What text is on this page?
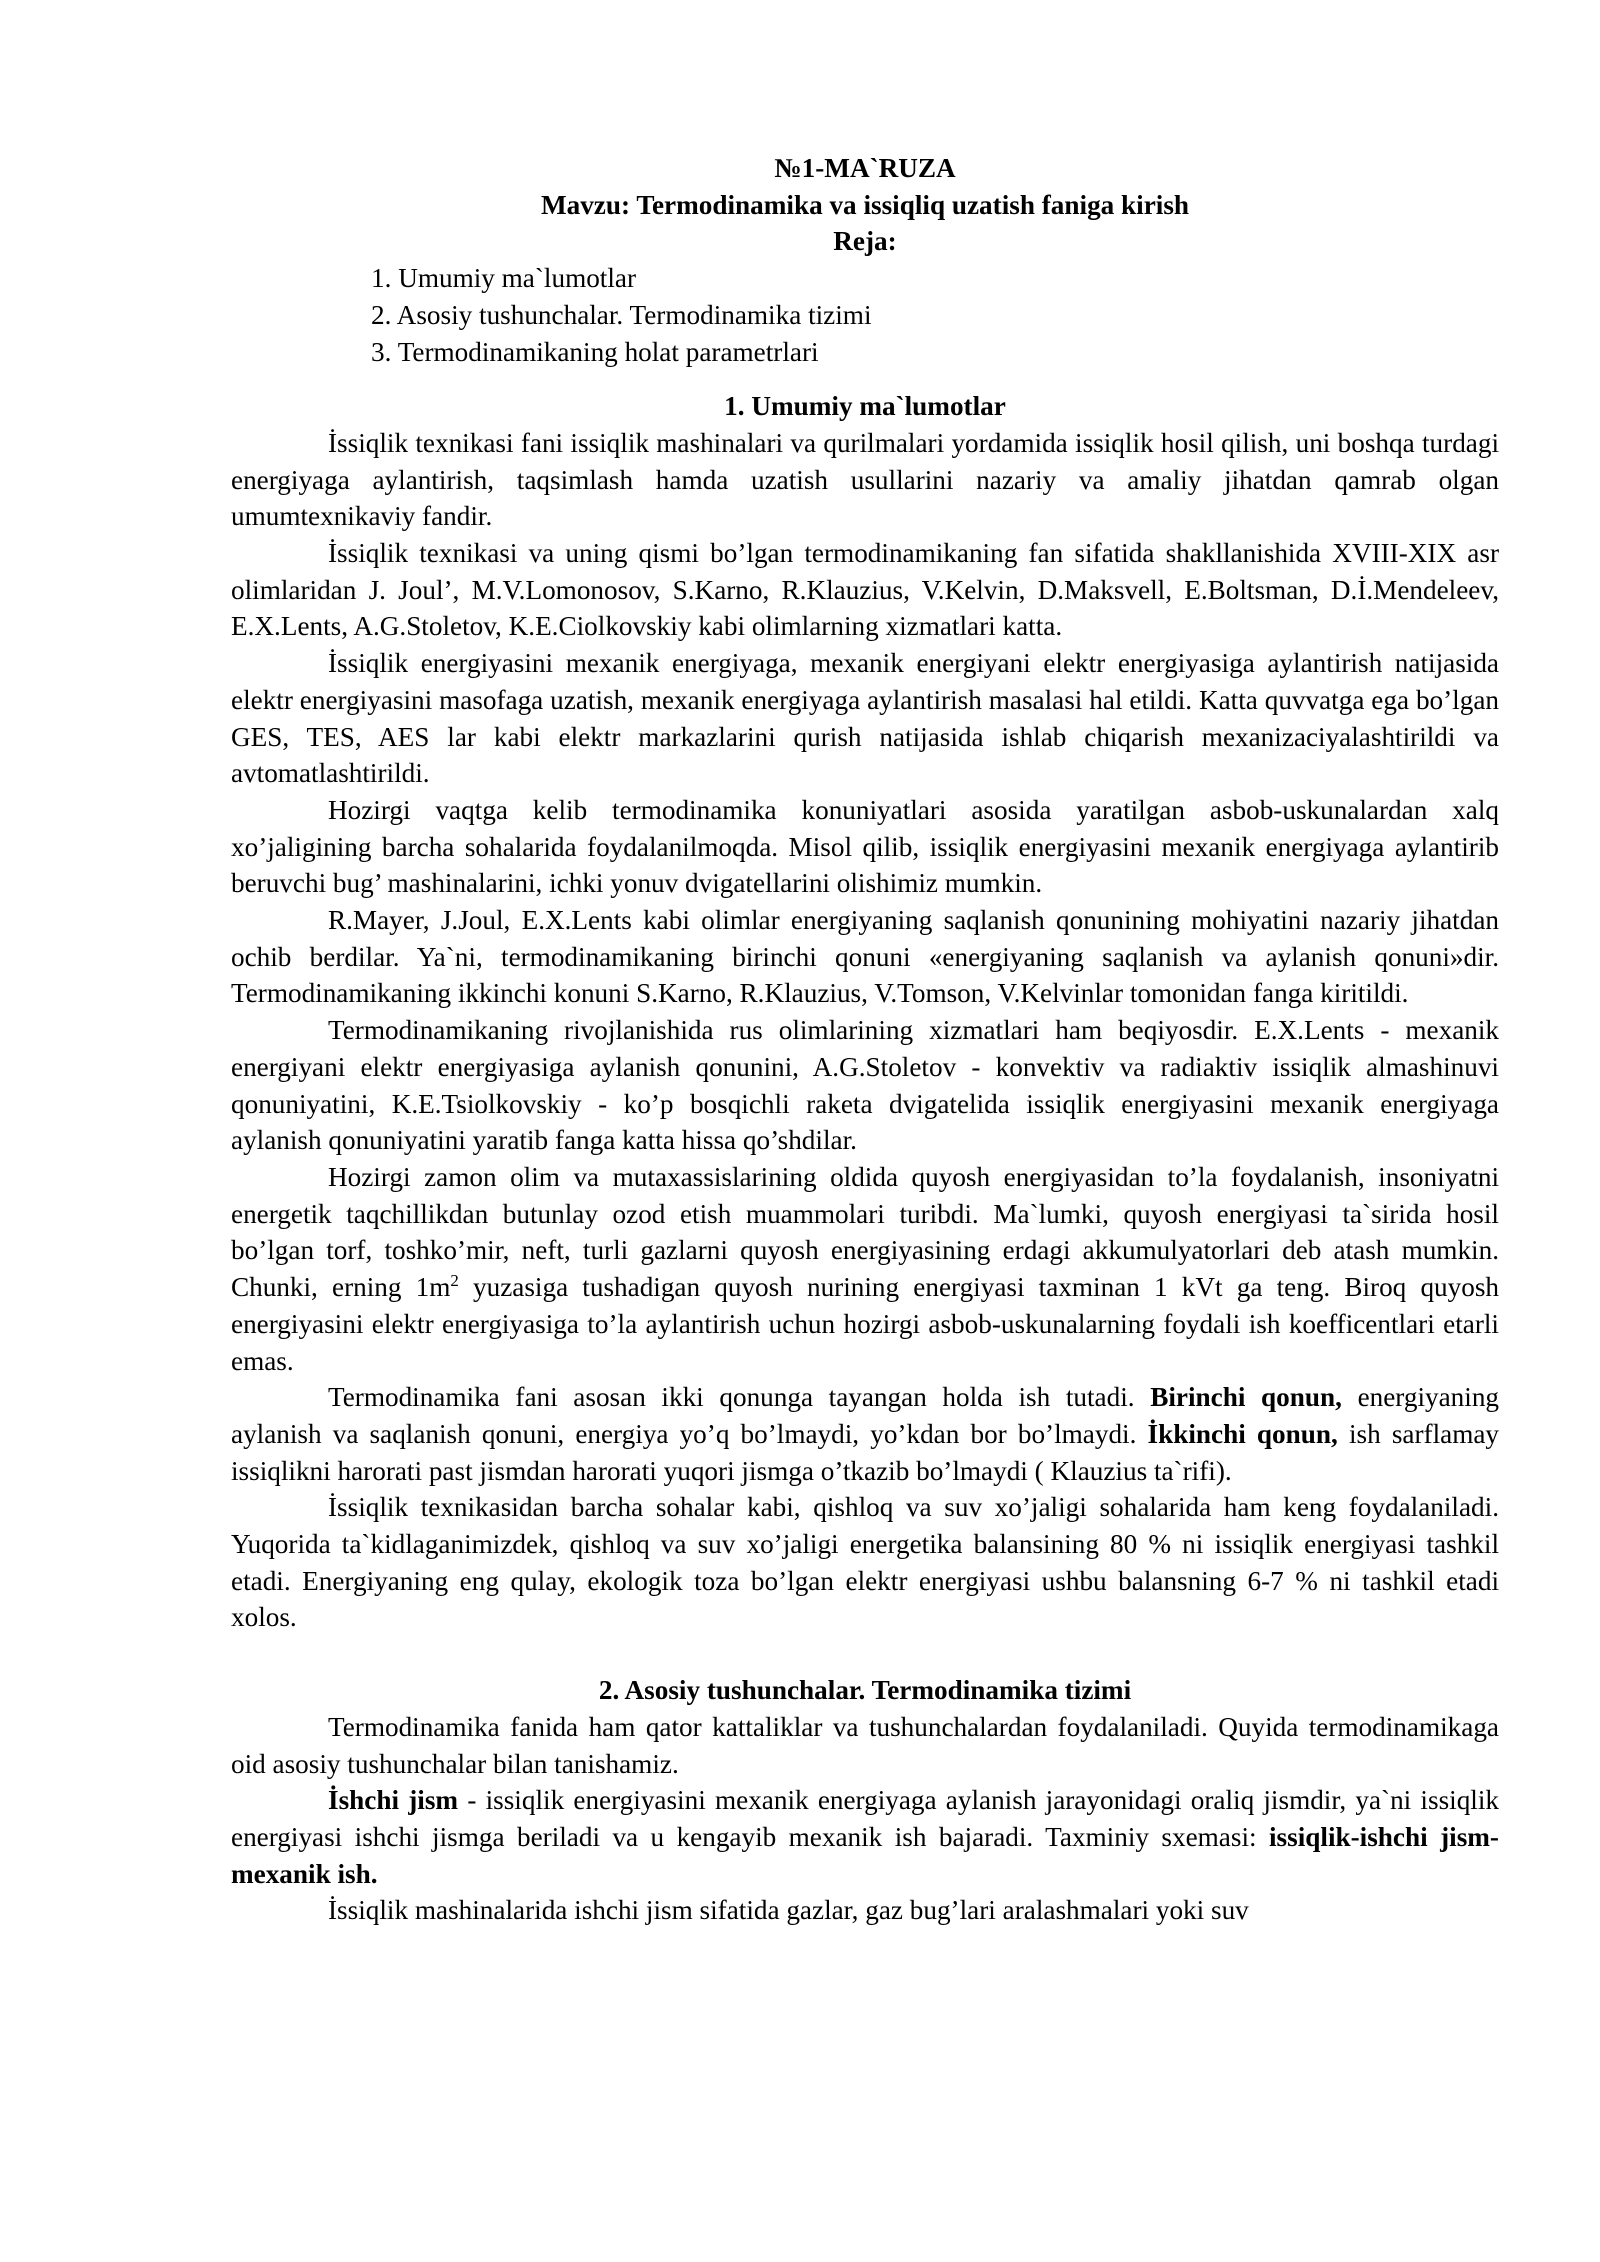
№1-MA`RUZA
Mavzu: Termodinamika va issiqliq uzatish faniga kirish
Reja:
1. Umumiy ma`lumotlar
2. Asosiy tushunchalar. Termodinamika tizimi
3. Termodinamikaning holat parametrlari
1. Umumiy ma`lumotlar

İssiqlik texnikasi fani issiqlik mashinalari va qurilmalari yordamida issiqlik hosil qilish, uni boshqa turdagi energiyaga aylantirish, taqsimlash hamda uzatish usullarini nazariy va amaliy jihatdan qamrab olgan umumtexnikaviy fandir.

İssiqlik texnikasi va uning qismi bo’lgan termodinamikaning fan sifatida shakllanishida XVIII-XIX asr olimlaridan J. Joul’, M.V.Lomonosov, S.Karno, R.Klauzius, V.Kelvin, D.Maksvell, E.Boltsman, D.İ.Mendeleev, E.X.Lents, A.G.Stoletov, K.E.Ciolkovskiy kabi olimlarning xizmatlari katta.

İssiqlik energiyasini mexanik energiyaga, mexanik energiyani elektr energiyasiga aylantirish natijasida elektr energiyasini masofaga uzatish, mexanik energiyaga aylantirish masalasi hal etildi. Katta quvvatga ega bo’lgan GES, TES, AES lar kabi elektr markazlarini qurish natijasida ishlab chiqarish mexanizaciyalashtirildi va avtomatlashtirildi.

Hozirgi vaqtga kelib termodinamika konuniyatlari asosida yaratilgan asbob-uskunalardan xalq xo’jaligining barcha sohalarida foydalanilmoqda. Misol qilib, issiqlik energiyasini mexanik energiyaga aylantirib beruvchi bug’ mashinalarini, ichki yonuv dvigatellarini olishimiz mumkin.

R.Mayer, J.Joul, E.X.Lents kabi olimlar energiyaning saqlanish qonunining mohiyatini nazariy jihatdan ochib berdilar. Ya`ni, termodinamikaning birinchi qonuni «energiyaning saqlanish va aylanish qonuni»dir. Termodinamikaning ikkinchi konuni S.Karno, R.Klauzius, V.Tomson, V.Kelvinlar tomonidan fanga kiritildi.

Termodinamikaning rivojlanishida rus olimlarining xizmatlari ham beqiyosdir. E.X.Lents - mexanik energiyani elektr energiyasiga aylanish qonunini, A.G.Stoletov - konvektiv va radiaktiv issiqlik almashinuvi qonuniyatini, K.E.Tsiolkovskiy - ko’p bosqichli raketa dvigatelida issiqlik energiyasini mexanik energiyaga aylanish qonuniyatini yaratib fanga katta hissa qo’shdilar.

Hozirgi zamon olim va mutaxassislarining oldida quyosh energiyasidan to’la foydalanish, insoniyatni energetik taqchillikdan butunlay ozod etish muammolari turibdi. Ma`lumki, quyosh energiyasi ta`sirida hosil bo’lgan torf, toshko’mir, neft, turli gazlarni quyosh energiyasining erdagi akkumulyatorlari deb atash mumkin. Chunki, erning $1m^2$ yuzasiga tushadigan quyosh nurining energiyasi taxminan 1 kVt ga teng. Biroq quyosh energiyasini elektr energiyasiga to’la aylantirish uchun hozirgi asbob-uskunalarning foydali ish koefficentlari etarli emas.

Termodinamika fani asosan ikki qonunga tayangan holda ish tutadi. Birinchi qonun, energiyaning aylanish va saqlanish qonuni, energiya yo’q bo’lmaydi, yo’kdan bor bo’lmaydi. İkkinchi qonun, ish sarflamay issiqlikni harorati past jismdan harorati yuqori jismga o’tkazib bo’lmaydi ( Klauzius ta`rifi).

İssiqlik texnikasidan barcha sohalar kabi, qishloq va suv xo’jaligi sohalarida ham keng foydalaniladi. Yuqorida ta`kidlaganimizdek, qishloq va suv xo’jaligi energetika balansining 80 % ni issiqlik energiyasi tashkil etadi. Energiyaning eng qulay, ekologik toza bo’lgan elektr energiyasi ushbu balansning 6-7 % ni tashkil etadi xolos.

2. Asosiy tushunchalar. Termodinamika tizimi

Termodinamika fanida ham qator kattaliklar va tushunchalardan foydalaniladi. Quyida termodinamikaga oid asosiy tushunchalar bilan tanishamiz.

İshchi jism - issiqlik energiyasini mexanik energiyaga aylanish jarayonidagi oraliq jismdir, ya`ni issiqlik energiyasi ishchi jismga beriladi va u kengayib mexanik ish bajaradi. Taxminiy sxemasi: issiqlik-ishchi jism- mexanik ish.

İssiqlik mashinalarida ishchi jism sifatida gazlar, gaz bug’lari aralashmalari yoki suv
